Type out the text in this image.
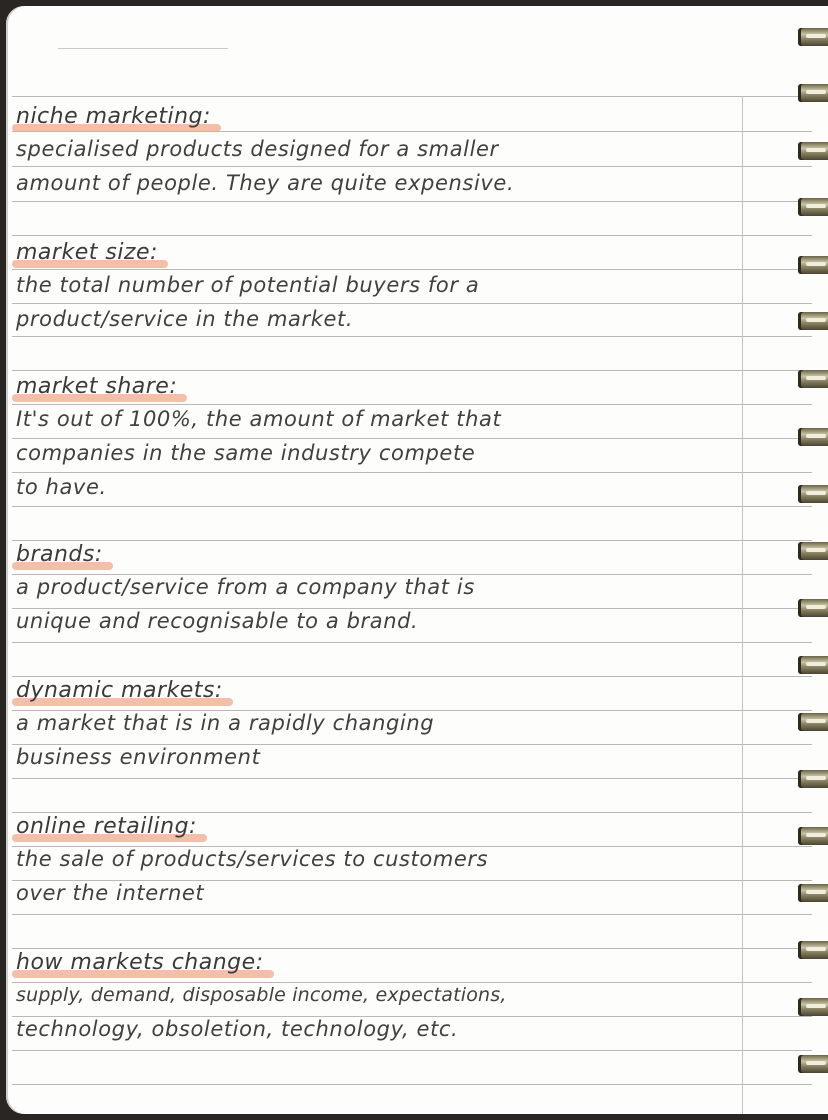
niche marketing:
specialised products designed for a smaller
amount of people. They are quite expensive.
market size:
the total number of potential buyers for a
product/service in the market.
market share:
It's out of 100%, the amount of market that
companies in the same industry compete
to have.
brands:
a product/service from a company that is
unique and recognisable to a brand.
dynamic markets:
a market that is in a rapidly changing
business environment
online retailing:
the sale of products/services to customers
over the internet
how markets change:
supply, demand, disposable income, expectations,
technology, obsoletion, technology, etc.
